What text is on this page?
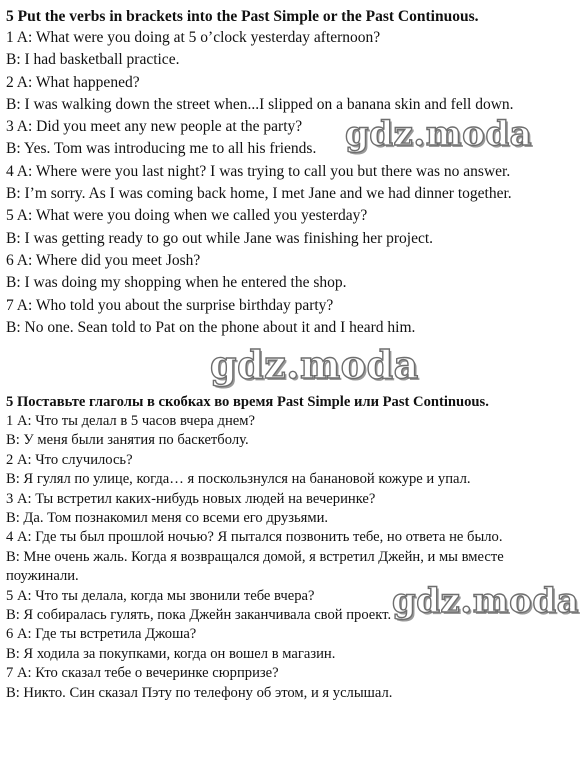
5 Put the verbs in brackets into the Past Simple or the Past Continuous.

1 A: What were you doing at 5 o’clock yesterday afternoon?

B: I had basketball practice.

2 A: What happened?

B: I was walking down the street when...I slipped on a banana skin and fell down.

3 A: Did you meet any new people at the party?

B: Yes. Tom was introducing me to all his friends.

4 A: Where were you last night? I was trying to call you but there was no answer.

B: I’m sorry. As I was coming back home, I met Jane and we had dinner together.

5 A: What were you doing when we called you yesterday?

B: I was getting ready to go out while Jane was finishing her project.

6 A: Where did you meet Josh?

B: I was doing my shopping when he entered the shop.

7 A: Who told you about the surprise birthday party?

B: No one. Sean told to Pat on the phone about it and I heard him.

5 Поставьте глаголы в скобках во время Past Simple или Past Continuous.

1 А: Что ты делал в 5 часов вчера днем?

В: У меня были занятия по баскетболу.

2 А: Что случилось?

В: Я гулял по улице, когда… я поскользнулся на банановой кожуре и упал.

3 А: Ты встретил каких-нибудь новых людей на вечеринке?

В: Да. Том познакомил меня со всеми его друзьями.

4 А: Где ты был прошлой ночью? Я пытался позвонить тебе, но ответа не было.

В: Мне очень жаль. Когда я возвращался домой, я встретил Джейн, и мы вместе поужинали.

5 А: Что ты делала, когда мы звонили тебе вчера?

В: Я собиралась гулять, пока Джейн заканчивала свой проект.

6 А: Где ты встретила Джоша?

В: Я ходила за покупками, когда он вошел в магазин.

7 А: Кто сказал тебе о вечеринке сюрпризе?

В: Никто. Син сказал Пэту по телефону об этом, и я услышал.

gdz.moda
gdz.moda
gdz.moda
